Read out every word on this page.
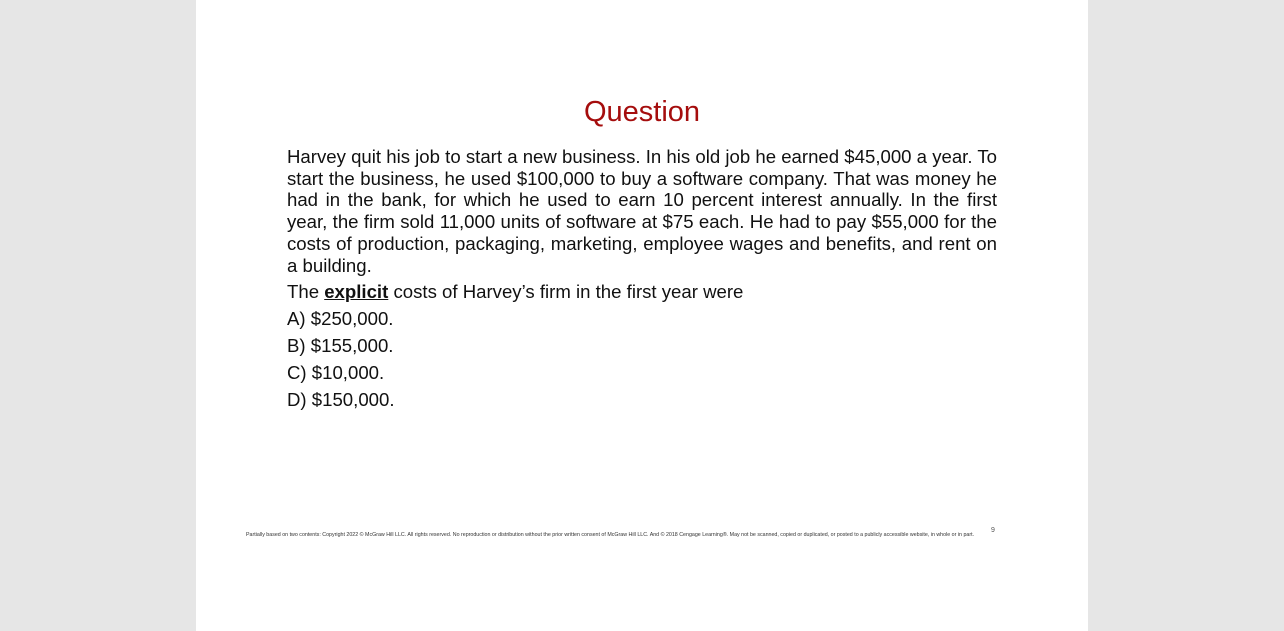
Question

Harvey quit his job to start a new business. In his old job he earned $45,000 a year. To start the business, he used $100,000 to buy a software company. That was money he had in the bank, for which he used to earn 10 percent interest annually. In the first year, the firm sold 11,000 units of software at $75 each. He had to pay $55,000 for the costs of production, packaging, marketing, employee wages and benefits, and rent on a building.

The explicit costs of Harvey’s firm in the first year were

A) $250,000.

B) $155,000.

C) $10,000.

D) $150,000.

Partially based on two contents: Copyright 2022 © McGraw Hill LLC. All rights reserved. No reproduction or distribution without the prior written consent of McGraw Hill LLC. And © 2018 Cengage Learning®. May not be scanned, copied or duplicated, or posted to a publicly accessible website, in whole or in part.

9
